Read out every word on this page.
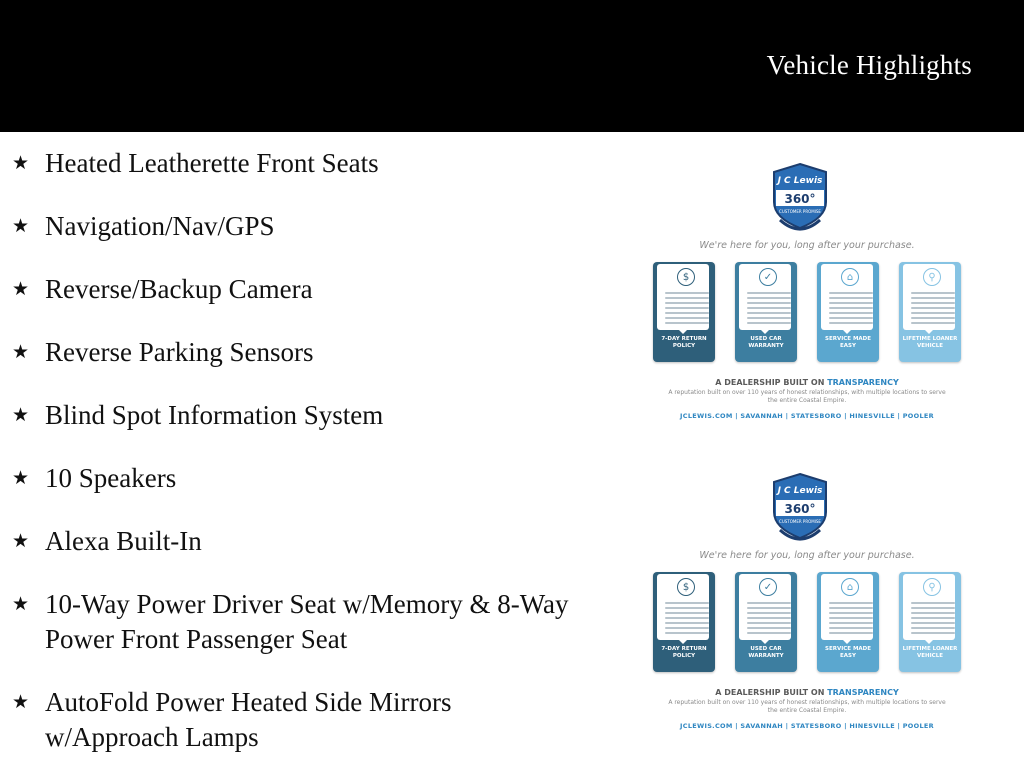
Vehicle Highlights
★ Heated Leatherette Front Seats
★ Navigation/Nav/GPS
★ Reverse/Backup Camera
★ Reverse Parking Sensors
★ Blind Spot Information System
★ 10 Speakers
★ Alexa Built-In
★ 10-Way Power Driver Seat w/Memory & 8-Way Power Front Passenger Seat
★ AutoFold Power Heated Side Mirrors w/Approach Lamps
J C Lewis
360°
CUSTOMER PROMISE
We're here for you, long after your purchase.
$
7-DAY RETURN
POLICY
✓
USED CAR
WARRANTY
⌂
SERVICE MADE
EASY
⚲
LIFETIME LOANER
VEHICLE
A DEALERSHIP BUILT ON TRANSPARENCY
A reputation built on over 110 years of honest relationships, with multiple locations to serve the entire Coastal Empire.
JCLEWIS.COM | SAVANNAH | STATESBORO | HINESVILLE | POOLER
J C Lewis
360°
CUSTOMER PROMISE
We're here for you, long after your purchase.
$
7-DAY RETURN
POLICY
✓
USED CAR
WARRANTY
⌂
SERVICE MADE
EASY
⚲
LIFETIME LOANER
VEHICLE
A DEALERSHIP BUILT ON TRANSPARENCY
A reputation built on over 110 years of honest relationships, with multiple locations to serve the entire Coastal Empire.
JCLEWIS.COM | SAVANNAH | STATESBORO | HINESVILLE | POOLER
